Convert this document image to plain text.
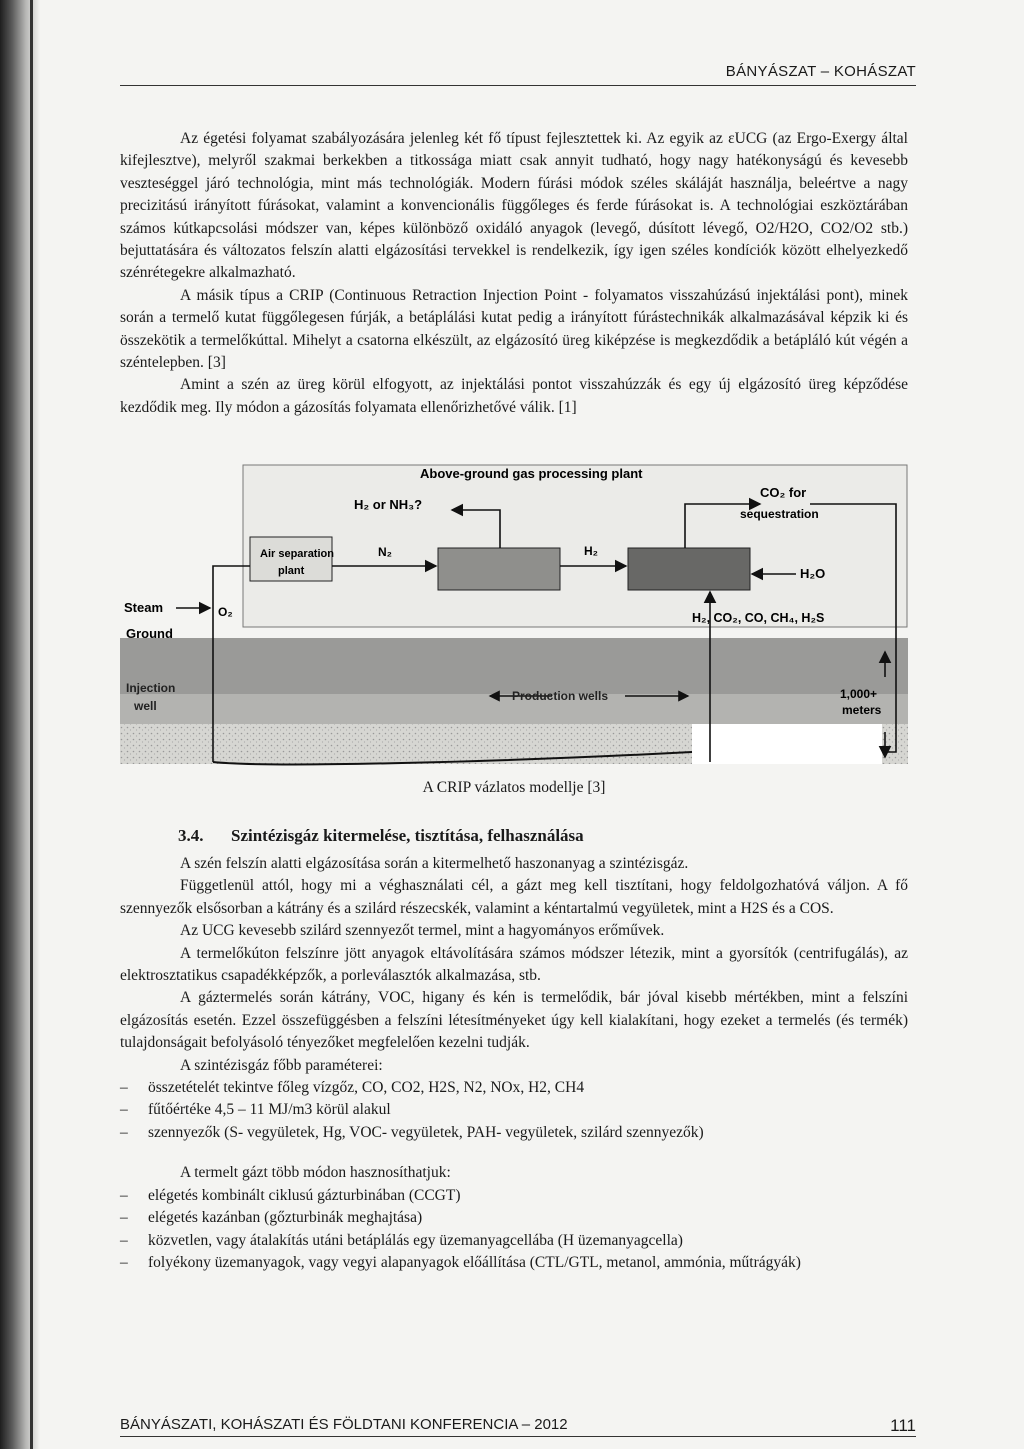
BÁNYÁSZAT – KOHÁSZAT

Az égetési folyamat szabályozására jelenleg két fő típust fejlesztettek ki. Az egyik az εUCG (az Ergo-Exergy által kifejlesztve), melyről szakmai berkekben a titkossága miatt csak annyit tudható, hogy nagy hatékonyságú és kevesebb veszteséggel járó technológia, mint más technológiák. Modern fúrási módok széles skáláját használja, beleértve a nagy precizitású irányított fúrásokat, valamint a konvencionális függőleges és ferde fúrásokat is. A technológiai eszköztárában számos kútkapcsolási módszer van, képes különböző oxidáló anyagok (levegő, dúsított lévegő, O2/H2O, CO2/O2 stb.) bejuttatására és változatos felszín alatti elgázosítási tervekkel is rendelkezik, így igen széles kondíciók között elhelyezkedő szénrétegekre alkalmazható.

A másik típus a CRIP (Continuous Retraction Injection Point - folyamatos visszahúzású injektálási pont), minek során a termelő kutat függőlegesen fúrják, a betáplálási kutat pedig a irányított fúrástechnikák alkalmazásával képzik ki és összekötik a termelőkúttal. Mihelyt a csatorna elkészült, az elgázosító üreg kiképzése is megkezdődik a betápláló kút végén a széntelepben. [3]

Amint a szén az üreg körül elfogyott, az injektálási pontot visszahúzzák és egy új elgázosító üreg képződése kezdődik meg. Ily módon a gázosítás folyamata ellenőrizhetővé válik. [1]

Above-ground gas processing plant
H₂ or NH₃?
CO₂ for
sequestration
Air separation
plant
N₂	H₂
H₂O
Steam	O₂
Ground
H₂, CO₂, CO, CH₄, H₂S
Injection
well
Production wells	1,000+
meters
A CRIP vázlatos modellje [3]
3.4. Szintézisgáz kitermelése, tisztítása, felhasználása

A szén felszín alatti elgázosítása során a kitermelhető haszonanyag a szintézisgáz.

Függetlenül attól, hogy mi a véghasználati cél, a gázt meg kell tisztítani, hogy feldolgozhatóvá váljon. A fő szennyezők elsősorban a kátrány és a szilárd részecskék, valamint a kéntartalmú vegyületek, mint a H2S és a COS.

Az UCG kevesebb szilárd szennyezőt termel, mint a hagyományos erőművek.

A termelőkúton felszínre jött anyagok eltávolítására számos módszer létezik, mint a gyorsítók (centrifugálás), az elektrosztatikus csapadékképzők, a porleválasztók alkalmazása, stb.

A gáztermelés során kátrány, VOC, higany és kén is termelődik, bár jóval kisebb mértékben, mint a felszíni elgázosítás esetén. Ezzel összefüggésben a felszíni létesítményeket úgy kell kialakítani, hogy ezeket a termelés (és termék) tulajdonságait befolyásoló tényezőket megfelelően kezelni tudják.

A szintézisgáz főbb paraméterei:

– összetételét tekintve főleg vízgőz, CO, CO2, H2S, N2, NOx, H2, CH4
– fűtőértéke 4,5 – 11 MJ/m3 körül alakul
– szennyezők (S- vegyületek, Hg, VOC- vegyületek, PAH- vegyületek, szilárd szennyezők)

A termelt gázt több módon hasznosíthatjuk:

– elégetés kombinált ciklusú gázturbinában (CCGT)
– elégetés kazánban (gőzturbinák meghajtása)
– közvetlen, vagy átalakítás utáni betáplálás egy üzemanyagcellába (H üzemanyagcella)
– folyékony üzemanyagok, vagy vegyi alapanyagok előállítása (CTL/GTL, metanol, ammónia, műtrágyák)
BÁNYÁSZATI, KOHÁSZATI ÉS FÖLDTANI KONFERENCIA – 2012	111
